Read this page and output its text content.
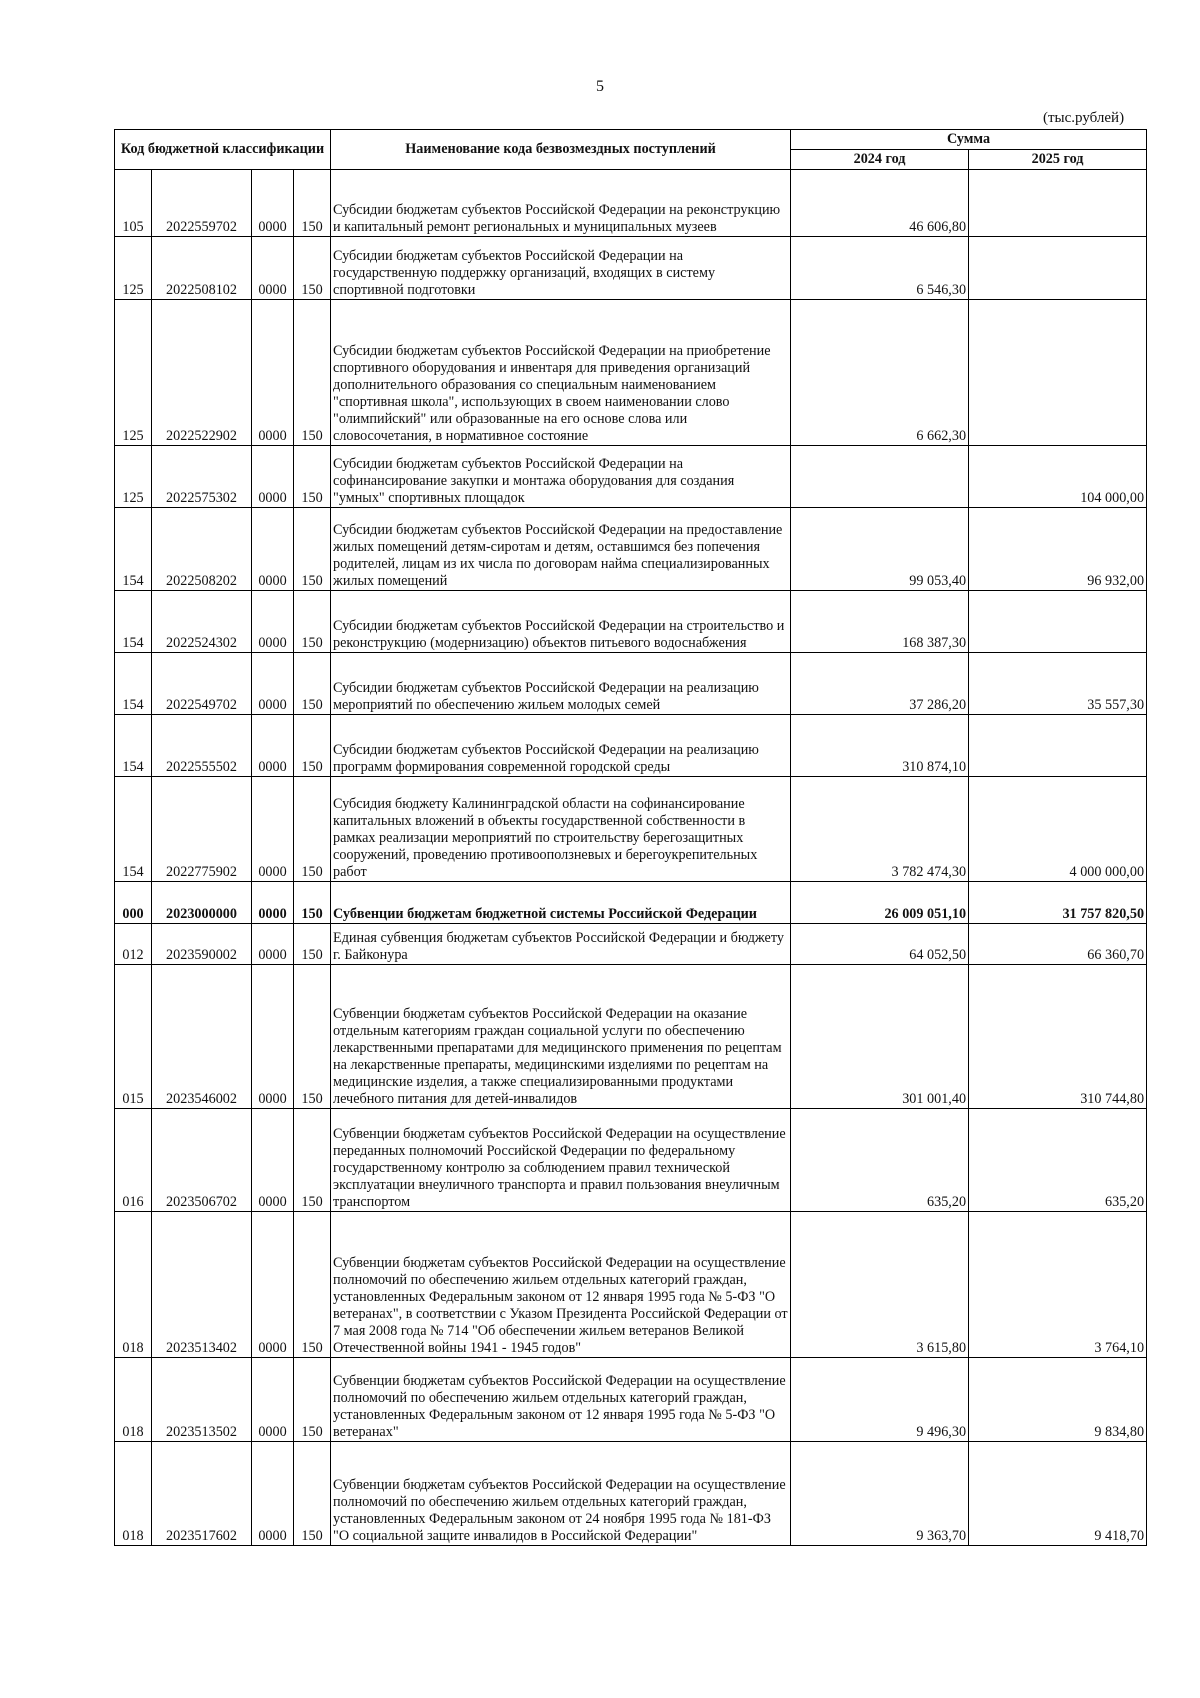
5
(тыс.рублей)
Код бюджетной классификации				Наименование кода безвозмездных поступлений	Сумма	
					2024 год	2025 год
105	2022559702	0000	150	Субсидии бюджетам субъектов Российской Федерации на реконструкцию и капитальный ремонт региональных и муниципальных музеев	46 606,80	
125	2022508102	0000	150	Субсидии бюджетам субъектов Российской Федерации на государственную поддержку организаций, входящих в систему спортивной подготовки	6 546,30	
125	2022522902	0000	150	Субсидии бюджетам субъектов Российской Федерации на приобретение спортивного оборудования и инвентаря для приведения организаций дополнительного образования со специальным наименованием "спортивная школа", использующих в своем наименовании слово "олимпийский" или образованные на его основе слова или словосочетания, в нормативное состояние	6 662,30	
125	2022575302	0000	150	Субсидии бюджетам субъектов Российской Федерации на софинансирование закупки и монтажа оборудования для создания "умных" спортивных площадок		104 000,00
154	2022508202	0000	150	Субсидии бюджетам субъектов Российской Федерации на предоставление жилых помещений детям-сиротам и детям, оставшимся без попечения родителей, лицам из их числа по договорам найма специализированных жилых помещений	99 053,40	96 932,00
154	2022524302	0000	150	Субсидии бюджетам субъектов Российской Федерации на строительство и реконструкцию (модернизацию) объектов питьевого водоснабжения	168 387,30	
154	2022549702	0000	150	Субсидии бюджетам субъектов Российской Федерации на реализацию мероприятий по обеспечению жильем молодых семей	37 286,20	35 557,30
154	2022555502	0000	150	Субсидии бюджетам субъектов Российской Федерации на реализацию программ формирования современной городской среды	310 874,10	
154	2022775902	0000	150	Субсидия бюджету Калининградской области на софинансирование капитальных вложений в объекты государственной собственности в рамках реализации мероприятий по строительству берегозащитных сооружений, проведению противооползневых и берегоукрепительных работ	3 782 474,30	4 000 000,00
000	2023000000	0000	150	Субвенции бюджетам бюджетной системы Российской Федерации	26 009 051,10	31 757 820,50
012	2023590002	0000	150	Единая субвенция бюджетам субъектов Российской Федерации и бюджету г. Байконура	64 052,50	66 360,70
015	2023546002	0000	150	Субвенции бюджетам субъектов Российской Федерации на оказание отдельным категориям граждан социальной услуги по обеспечению лекарственными препаратами для медицинского применения по рецептам на лекарственные препараты, медицинскими изделиями по рецептам на медицинские изделия, а также специализированными продуктами лечебного питания для детей-инвалидов	301 001,40	310 744,80
016	2023506702	0000	150	Субвенции бюджетам субъектов Российской Федерации на осуществление переданных полномочий Российской Федерации по федеральному государственному контролю за соблюдением правил технической эксплуатации внеуличного транспорта и правил пользования внеуличным транспортом	635,20	635,20
018	2023513402	0000	150	Субвенции бюджетам субъектов Российской Федерации на осуществление полномочий по обеспечению жильем отдельных категорий граждан, установленных Федеральным законом от 12 января 1995 года № 5-ФЗ "О ветеранах", в соответствии с Указом Президента Российской Федерации от 7 мая 2008 года № 714 "Об обеспечении жильем ветеранов Великой Отечественной войны 1941 - 1945 годов"	3 615,80	3 764,10
018	2023513502	0000	150	Субвенции бюджетам субъектов Российской Федерации на осуществление полномочий по обеспечению жильем отдельных категорий граждан, установленных Федеральным законом от 12 января 1995 года № 5-ФЗ "О ветеранах"	9 496,30	9 834,80
018	2023517602	0000	150	Субвенции бюджетам субъектов Российской Федерации на осуществление полномочий по обеспечению жильем отдельных категорий граждан, установленных Федеральным законом от 24 ноября 1995 года № 181-ФЗ "О социальной защите инвалидов в Российской Федерации"	9 363,70	9 418,70
